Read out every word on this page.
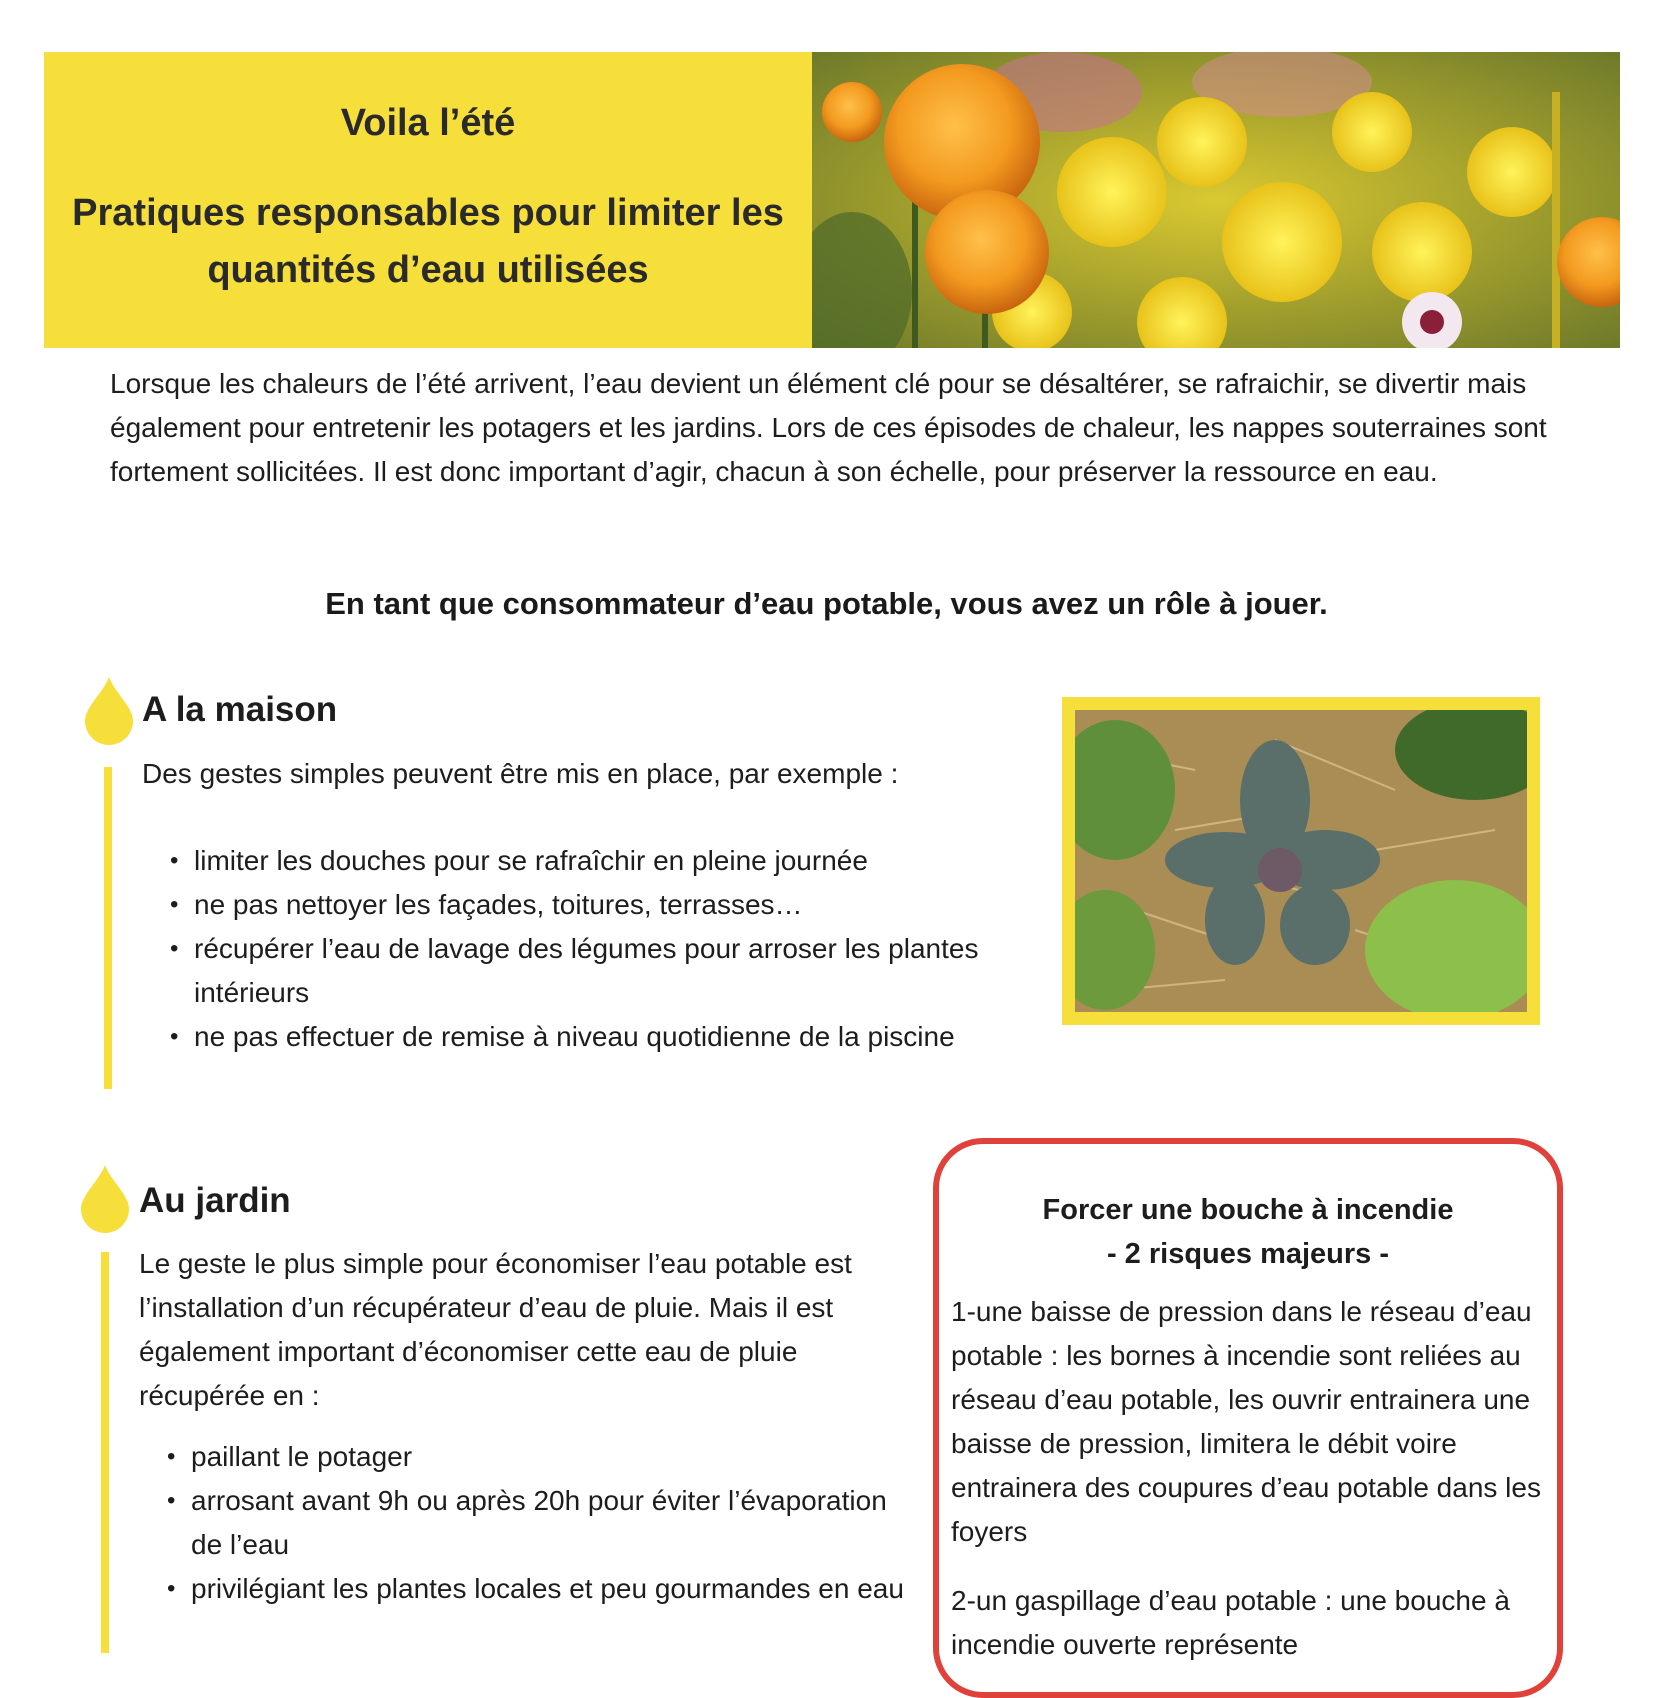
Voila l’été
Pratiques responsables pour limiter les quantités d’eau utilisées
Lorsque les chaleurs de l’été arrivent, l’eau devient un élément clé pour se désaltérer, se rafraichir, se divertir mais également pour entretenir les potagers et les jardins. Lors de ces épisodes de chaleur, les nappes souterraines sont fortement sollicitées. Il est donc important d’agir, chacun à son échelle, pour préserver la ressource en eau.
En tant que consommateur d’eau potable, vous avez un rôle à jouer.
A la maison
Des gestes simples peuvent être mis en place, par exemple :
• limiter les douches pour se rafraîchir en pleine journée
• ne pas nettoyer les façades, toitures, terrasses…
• récupérer l’eau de lavage des légumes pour arroser les plantes intérieurs
• ne pas effectuer de remise à niveau quotidienne de la piscine
Au jardin
Le geste le plus simple pour économiser l’eau potable est l’installation d’un récupérateur d’eau de pluie. Mais il est également important d’économiser cette eau de pluie récupérée en :
• paillant le potager
• arrosant avant 9h ou après 20h pour éviter l’évaporation de l’eau
• privilégiant les plantes locales et peu gourmandes en eau
Forcer une bouche à incendie
- 2 risques majeurs -
1-une baisse de pression dans le réseau d’eau potable : les bornes à incendie sont reliées au réseau d’eau potable, les ouvrir entrainera une baisse de pression, limitera le débit voire entrainera des coupures d’eau potable dans les foyers
2-un gaspillage d’eau potable : une bouche à incendie ouverte représente
